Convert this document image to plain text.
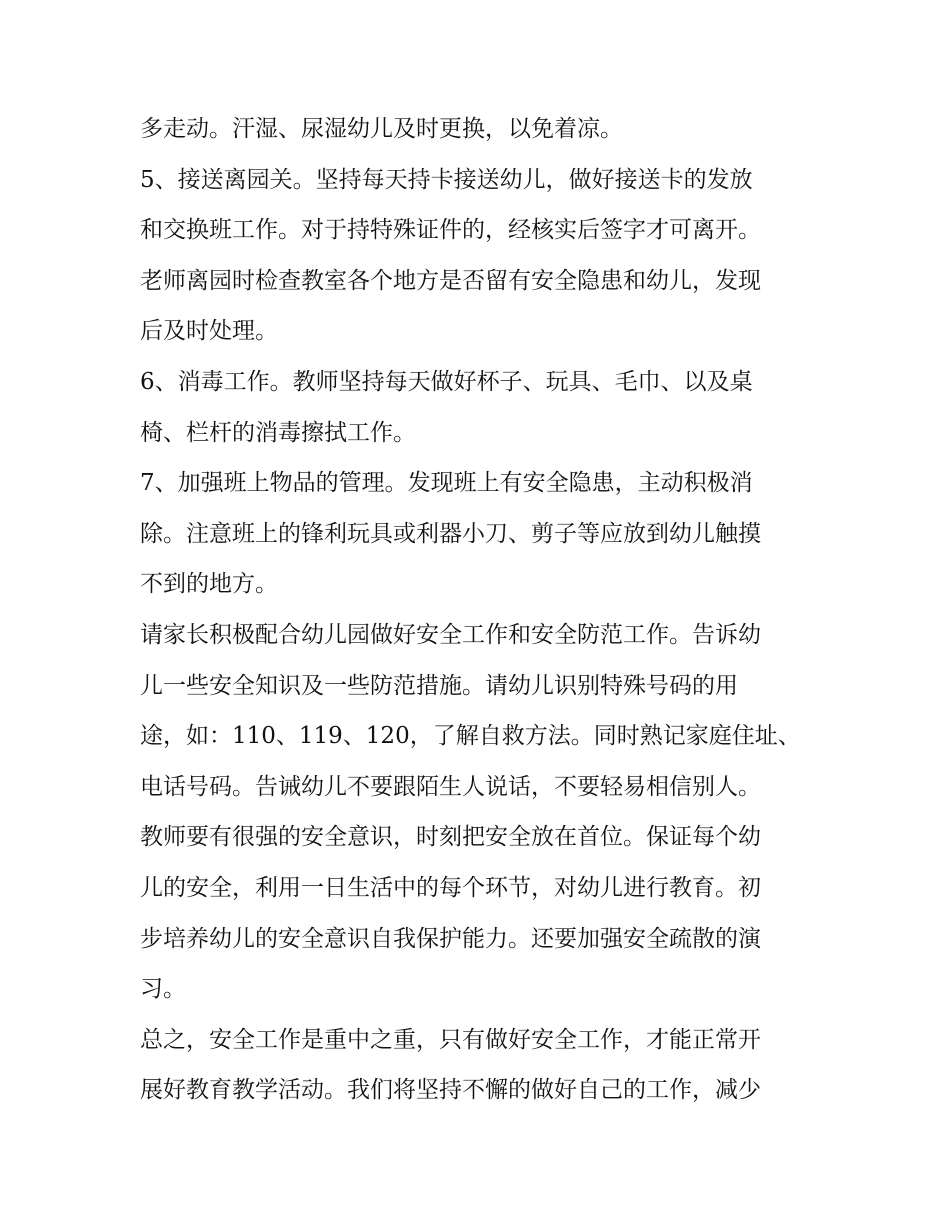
多走动。汗湿、尿湿幼儿及时更换，以免着凉。
5、接送离园关。坚持每天持卡接送幼儿，做好接送卡的发放
和交换班工作。对于持特殊证件的，经核实后签字才可离开。
老师离园时检查教室各个地方是否留有安全隐患和幼儿，发现
后及时处理。
6、消毒工作。教师坚持每天做好杯子、玩具、毛巾、以及桌
椅、栏杆的消毒擦拭工作。
7、加强班上物品的管理。发现班上有安全隐患，主动积极消
除。注意班上的锋利玩具或利器小刀、剪子等应放到幼儿触摸
不到的地方。
请家长积极配合幼儿园做好安全工作和安全防范工作。告诉幼
儿一些安全知识及一些防范措施。请幼儿识别特殊号码的用
途，如：110、119、120，了解自救方法。同时熟记家庭住址、
电话号码。告诫幼儿不要跟陌生人说话，不要轻易相信别人。
教师要有很强的安全意识，时刻把安全放在首位。保证每个幼
儿的安全，利用一日生活中的每个环节，对幼儿进行教育。初
步培养幼儿的安全意识自我保护能力。还要加强安全疏散的演
习。
总之，安全工作是重中之重，只有做好安全工作，才能正常开
展好教育教学活动。我们将坚持不懈的做好自己的工作，减少
